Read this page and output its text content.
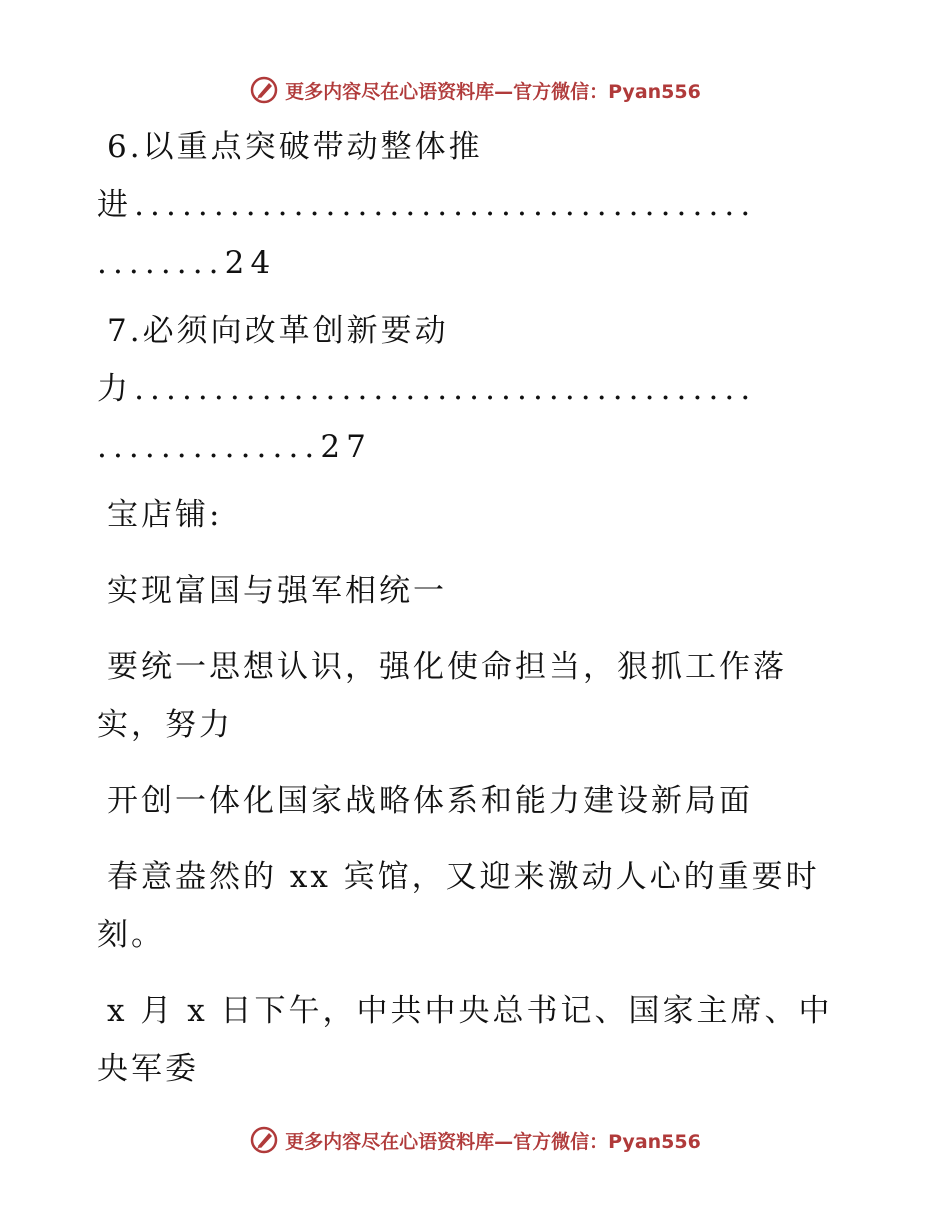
更多内容尽在心语资料库—官方微信：Pyan556
6.以重点突破带动整体推
进.......................................
........24
7.必须向改革创新要动
力.......................................
..............27
宝店铺:
实现富国与强军相统一
要统一思想认识，强化使命担当，狠抓工作落
实，努力
开创一体化国家战略体系和能力建设新局面
春意盎然的 xx 宾馆，又迎来激动人心的重要时
刻。
x 月 x 日下午，中共中央总书记、国家主席、中
央军委
更多内容尽在心语资料库—官方微信：Pyan556
